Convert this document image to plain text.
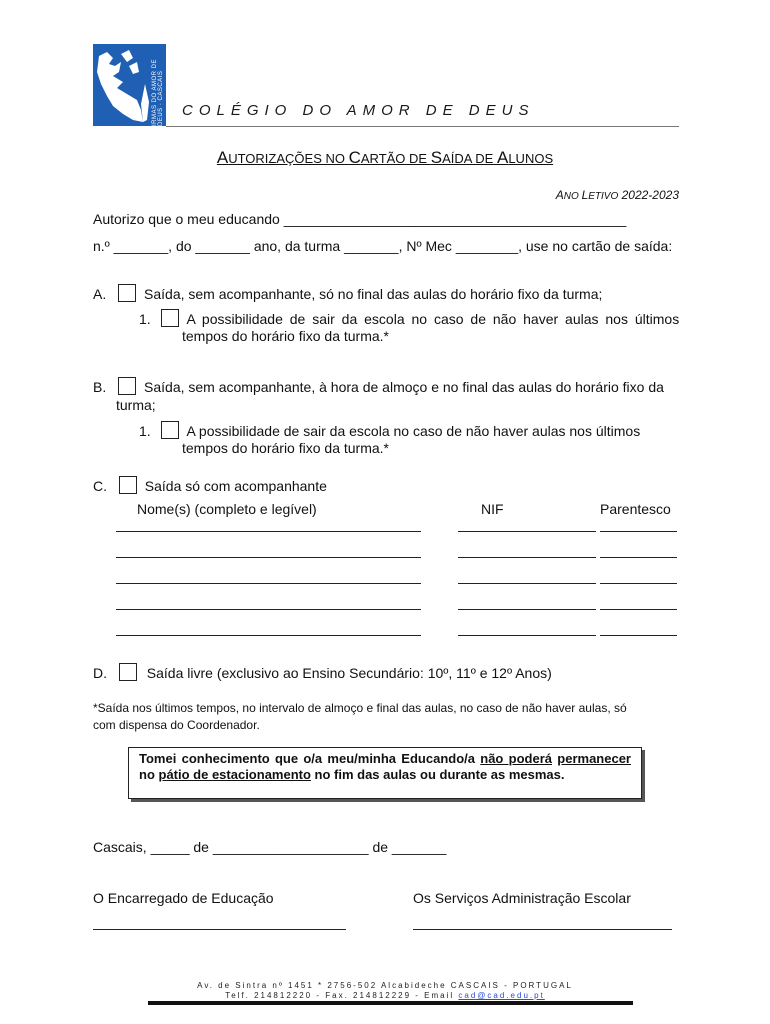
IRMÃS DO AMOR DE DEUS · CASCAIS COLÉGIO DO AMOR DE DEUS
AUTORIZAÇÕES NO CARTÃO DE SAÍDA DE ALUNOS
ANO LETIVO 2022-2023
Autorizo que o meu educando ____________________________________________
n.º _______, do _______ ano, da turma _______, Nº Mec ________, use no cartão de saída:
A.	Saída, sem acompanhante, só no final das aulas do horário fixo da turma;
1.	A possibilidade de sair da escola no caso de não haver aulas nos últimos
tempos do horário fixo da turma.*
B.	Saída, sem acompanhante, à hora de almoço e no final das aulas do horário fixo da
turma;
1.	A possibilidade de sair da escola no caso de não haver aulas nos últimos
tempos do horário fixo da turma.*
C.	Saída só com acompanhante
Nome(s) (completo e legível)	NIF	Parentesco
D.	Saída livre (exclusivo ao Ensino Secundário: 10º, 11º e 12º Anos)
*Saída nos últimos tempos, no intervalo de almoço e final das aulas, no caso de não haver aulas, só
com dispensa do Coordenador.
Tomei conhecimento que o/a meu/minha Educando/a não poderá permanecer no pátio de estacionamento no fim das aulas ou durante as mesmas.
Cascais, _____ de ____________________ de _______
O Encarregado de Educação	Os Serviços Administração Escolar
Av. de Sintra nº 1451 * 2756-502 Alcabideche CASCAIS - PORTUGAL
Telf. 214812220 - Fax. 214812229 - Email cad@cad.edu.pt
